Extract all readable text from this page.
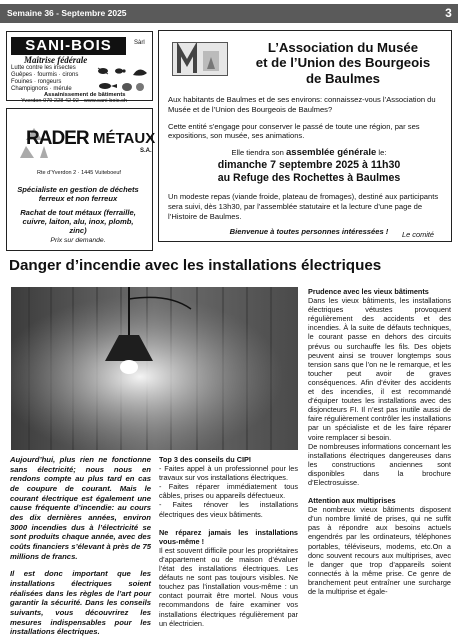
Semaine 36 - Septembre 2025	3
SANI-BOIS	Sàrl
Maîtrise fédérale
Lutte contre les insectes
Guêpes · fourmis · cirons
Fouines · rongeurs
Champignons · mérule
Assainissement de bâtiments
Yverdon 079 228 42 92 - www.sani-bois.ch
L’Association du Musée
et de l’Union des Bourgeois
de Baulmes

Aux habitants de Baulmes et de ses environs: connaissez-vous l’Association du Musée et de l’Union des Bourgeois de Baulmes?

Cette entité s’engage pour conserver le passé de toute une région, par ses expositions, son musée, ses animations.

Elle tiendra son assemblée générale le:

dimanche 7 septembre 2025 à 11h30

au Refuge des Rochettes à Baulmes

Un modeste repas (viande froide, plateau de fromages), destiné aux participants sera suivi, dès 13h30, par l’assemblée statutaire et la lecture d’une page de l’Histoire de Baulmes.

Bienvenue à toutes personnes intéressées !	Le comité
RADER MÉTAUX
S.A.
Rte d’Yverdon 2 · 1445 Vuiteboeuf
Spécialiste en gestion de déchets ferreux et non ferreux
Rachat de tout métaux (ferraille, cuivre, laiton, alu, inox, plomb, zinc)
Prix sur demande.
Danger d’incendie avec les installations électriques

Aujourd’hui, plus rien ne fonctionne sans électricité; nous nous en rendons compte au plus tard en cas de coupure de courant. Mais le courant électrique est également une cause fréquente d’incendie: au cours des dix dernières années, environ 3000 incendies dus à l’électricité se sont produits chaque année, avec des coûts financiers s’élevant à près de 75 millions de francs.

Il est donc important que les installations électriques soient réalisées dans les règles de l’art pour garantir la sécurité. Dans les conseils suivants, vous découvrirez les mesures indispensables pour les installations électriques.

Top 3 des conseils du CIPI

- Faites appel à un professionnel pour les travaux sur vos installations électriques.

- Faites réparer immédiatement tous câbles, prises ou appareils défectueux.

- Faites rénover les installations électriques des vieux bâtiments.

Ne réparez jamais les installations vous-même !

Il est souvent difficile pour les propriétaires d’appartement ou de maison d’évaluer l’état des installations électriques. Les défauts ne sont pas toujours visibles. Ne touchez pas l’installation vous-même : un contact pourrait être mortel. Nous vous recommandons de faire examiner vos installations électriques régulièrement par un électricien.

Prudence avec les vieux bâtiments

Dans les vieux bâtiments, les installations électriques vétustes provoquent régulièrement des accidents et des incendies. À la suite de défauts techniques, le courant passe en dehors des circuits prévus ou surchauffe les fils. Des objets peuvent ainsi se trouver longtemps sous tension sans que l’on ne le remarque, et les toucher peut avoir de graves conséquences. Afin d’éviter des accidents et des incendies, il est recommandé d’équiper toutes les installations avec des disjoncteurs FI. Il n’est pas inutile aussi de faire régulièrement contrôler les installations par un spécialiste et de les faire réparer voire remplacer si besoin.

De nombreuses informations concernant les installations électriques dangereuses dans les constructions anciennes sont disponibles dans la brochure d’Electrosuisse.

Attention aux multiprises

De nombreux vieux bâtiments disposent d’un nombre limité de prises, qui ne suffit pas à répondre aux besoins actuels engendrés par les ordinateurs, téléphones portables, téléviseurs, modems, etc.On a donc souvent recours aux multiprises, avec le danger que trop d’appareils soient connectés à la même prise. Ce genre de branchement peut entraîner une surcharge de la multiprise et égale-
